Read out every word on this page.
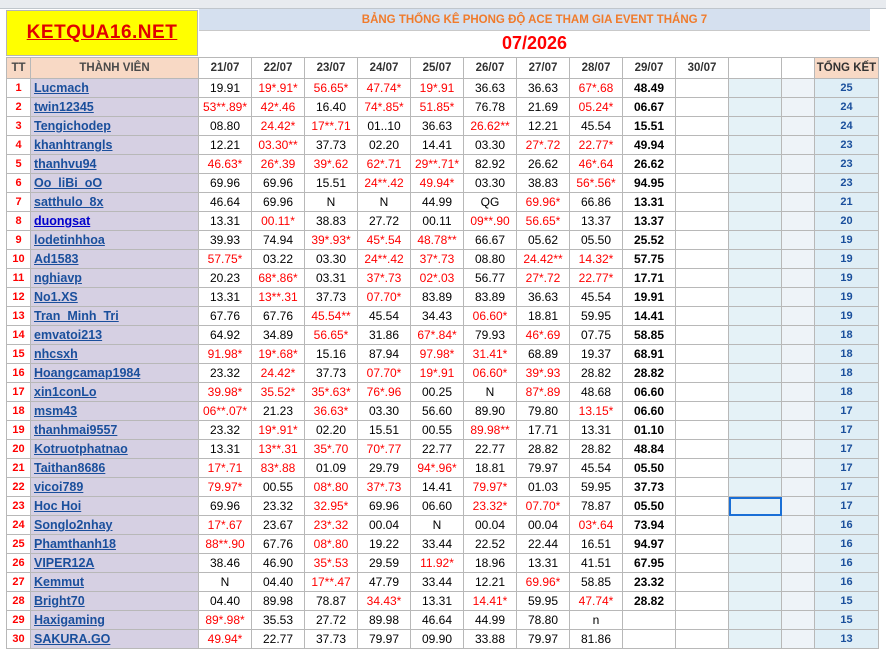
KETQUA16.NET
BẢNG THỐNG KÊ PHONG ĐỘ ACE THAM GIA EVENT THÁNG 7
07/2026
TT	THÀNH VIÊN	21/07	22/07	23/07	24/07	25/07	26/07	27/07	28/07	29/07	30/07			TỔNG KẾT
1	Lucmach	19.91	19*.91*	56.65*	47.74*	19*.91	36.63	36.63	67*.68	48.49				25
2	twin12345	53**.89*	42*.46	16.40	74*.85*	51.85*	76.78	21.69	05.24*	06.67				24
3	Tengichodep	08.80	24.42*	17**.71	01..10	36.63	26.62**	12.21	45.54	15.51				24
4	khanhtrangls	12.21	03.30**	37.73	02.20	14.41	03.30	27*.72	22.77*	49.94				23
5	thanhvu94	46.63*	26*.39	39*.62	62*.71	29**.71*	82.92	26.62	46*.64	26.62				23
6	Oo_liBi_oO	69.96	69.96	15.51	24**.42	49.94*	03.30	38.83	56*.56*	94.95				23
7	satthulo_8x	46.64	69.96	N	N	44.99	QG	69.96*	66.86	13.31				21
8	duongsat	13.31	00.11*	38.83	27.72	00.11	09**.90	56.65*	13.37	13.37				20
9	lodetinhhoa	39.93	74.94	39*.93*	45*.54	48.78**	66.67	05.62	05.50	25.52				19
10	Ad1583	57.75*	03.22	03.30	24**.42	37*.73	08.80	24.42**	14.32*	57.75				19
11	nghiavp	20.23	68*.86*	03.31	37*.73	02*.03	56.77	27*.72	22.77*	17.71				19
12	No1.XS	13.31	13**.31	37.73	07.70*	83.89	83.89	36.63	45.54	19.91				19
13	Tran_Minh_Tri	67.76	67.76	45.54**	45.54	34.43	06.60*	18.81	59.95	14.41				19
14	emvatoi213	64.92	34.89	56.65*	31.86	67*.84*	79.93	46*.69	07.75	58.85				18
15	nhcsxh	91.98*	19*.68*	15.16	87.94	97.98*	31.41*	68.89	19.37	68.91				18
16	Hoangcamap1984	23.32	24.42*	37.73	07.70*	19*.91	06.60*	39*.93	28.82	28.82				18
17	xin1conLo	39.98*	35.52*	35*.63*	76*.96	00.25	N	87*.89	48.68	06.60				18
18	msm43	06**.07*	21.23	36.63*	03.30	56.60	89.90	79.80	13.15*	06.60				17
19	thanhmai9557	23.32	19*.91*	02.20	15.51	00.55	89.98**	17.71	13.31	01.10				17
20	Kotruotphatnao	13.31	13**.31	35*.70	70*.77	22.77	22.77	28.82	28.82	48.84				17
21	Taithan8686	17*.71	83*.88	01.09	29.79	94*.96*	18.81	79.97	45.54	05.50				17
22	vicoi789	79.97*	00.55	08*.80	37*.73	14.41	79.97*	01.03	59.95	37.73				17
23	Hoc Hoi	69.96	23.32	32.95*	69.96	06.60	23.32*	07.70*	78.87	05.50				17
24	Songlo2nhay	17*.67	23.67	23*.32	00.04	N	00.04	00.04	03*.64	73.94				16
25	Phamthanh18	88**.90	67.76	08*.80	19.22	33.44	22.52	22.44	16.51	94.97				16
26	VIPER12A	38.46	46.90	35*.53	29.59	11.92*	18.96	13.31	41.51	67.95				16
27	Kemmut	N	04.40	17**.47	47.79	33.44	12.21	69.96*	58.85	23.32				16
28	Bright70	04.40	89.98	78.87	34.43*	13.31	14.41*	59.95	47.74*	28.82				15
29	Haxigaming	89*.98*	35.53	27.72	89.98	46.64	44.99	78.80	n					15
30	SAKURA.GO	49.94*	22.77	37.73	79.97	09.90	33.88	79.97	81.86					13
